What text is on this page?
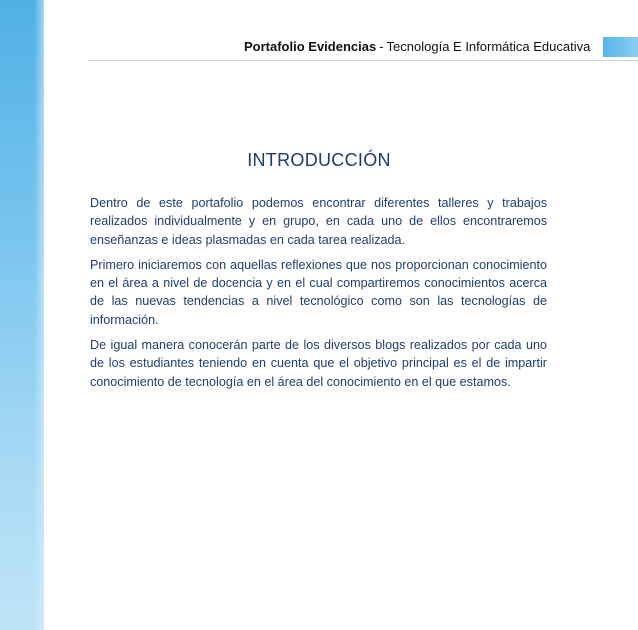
Portafolio Evidencias - Tecnología E Informática Educativa
INTRODUCCIÓN

Dentro de este portafolio podemos encontrar diferentes talleres y trabajos realizados individualmente y en grupo, en cada uno de ellos encontraremos enseñanzas e ideas plasmadas en cada tarea realizada.

Primero iniciaremos con aquellas reflexiones que nos proporcionan conocimiento en el área a nivel de docencia y en el cual compartiremos conocimientos acerca de las nuevas tendencias a nivel tecnológico como son las tecnologías de información.

De igual manera conocerán parte de los diversos blogs realizados por cada uno de los estudiantes teniendo en cuenta que el objetivo principal es el de impartir conocimiento de tecnología en el área del conocimiento en el que estamos.
